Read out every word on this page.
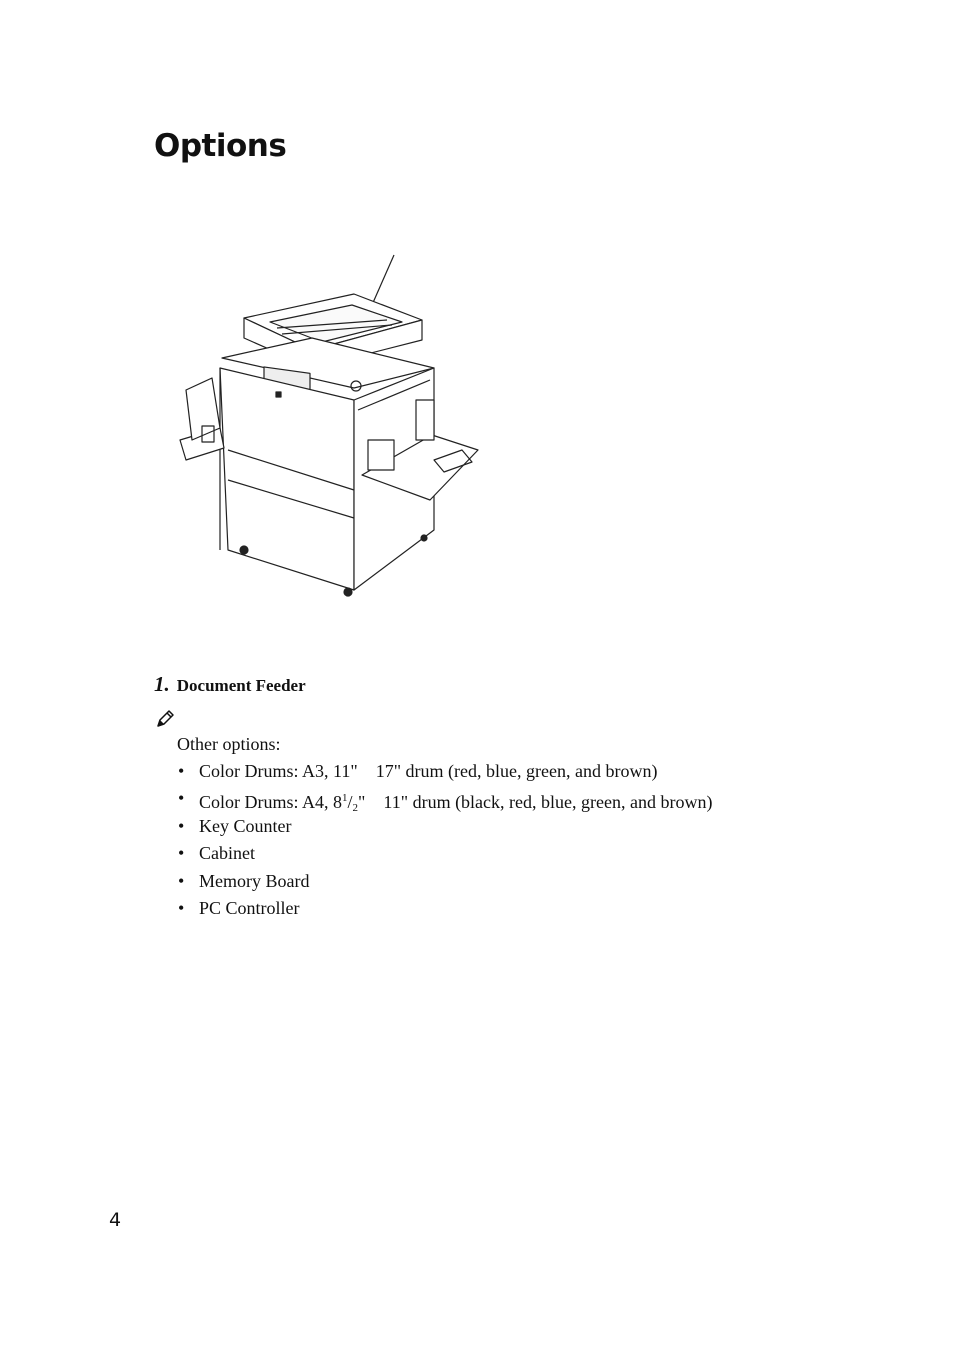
Options
1. Document Feeder
Other options:
• Color Drums: A3, 11" 17" drum (red, blue, green, and brown)
• Color Drums: A4, $8^1/_2$" 11" drum (black, red, blue, green, and brown)
• Key Counter
• Cabinet
• Memory Board
• PC Controller
4
